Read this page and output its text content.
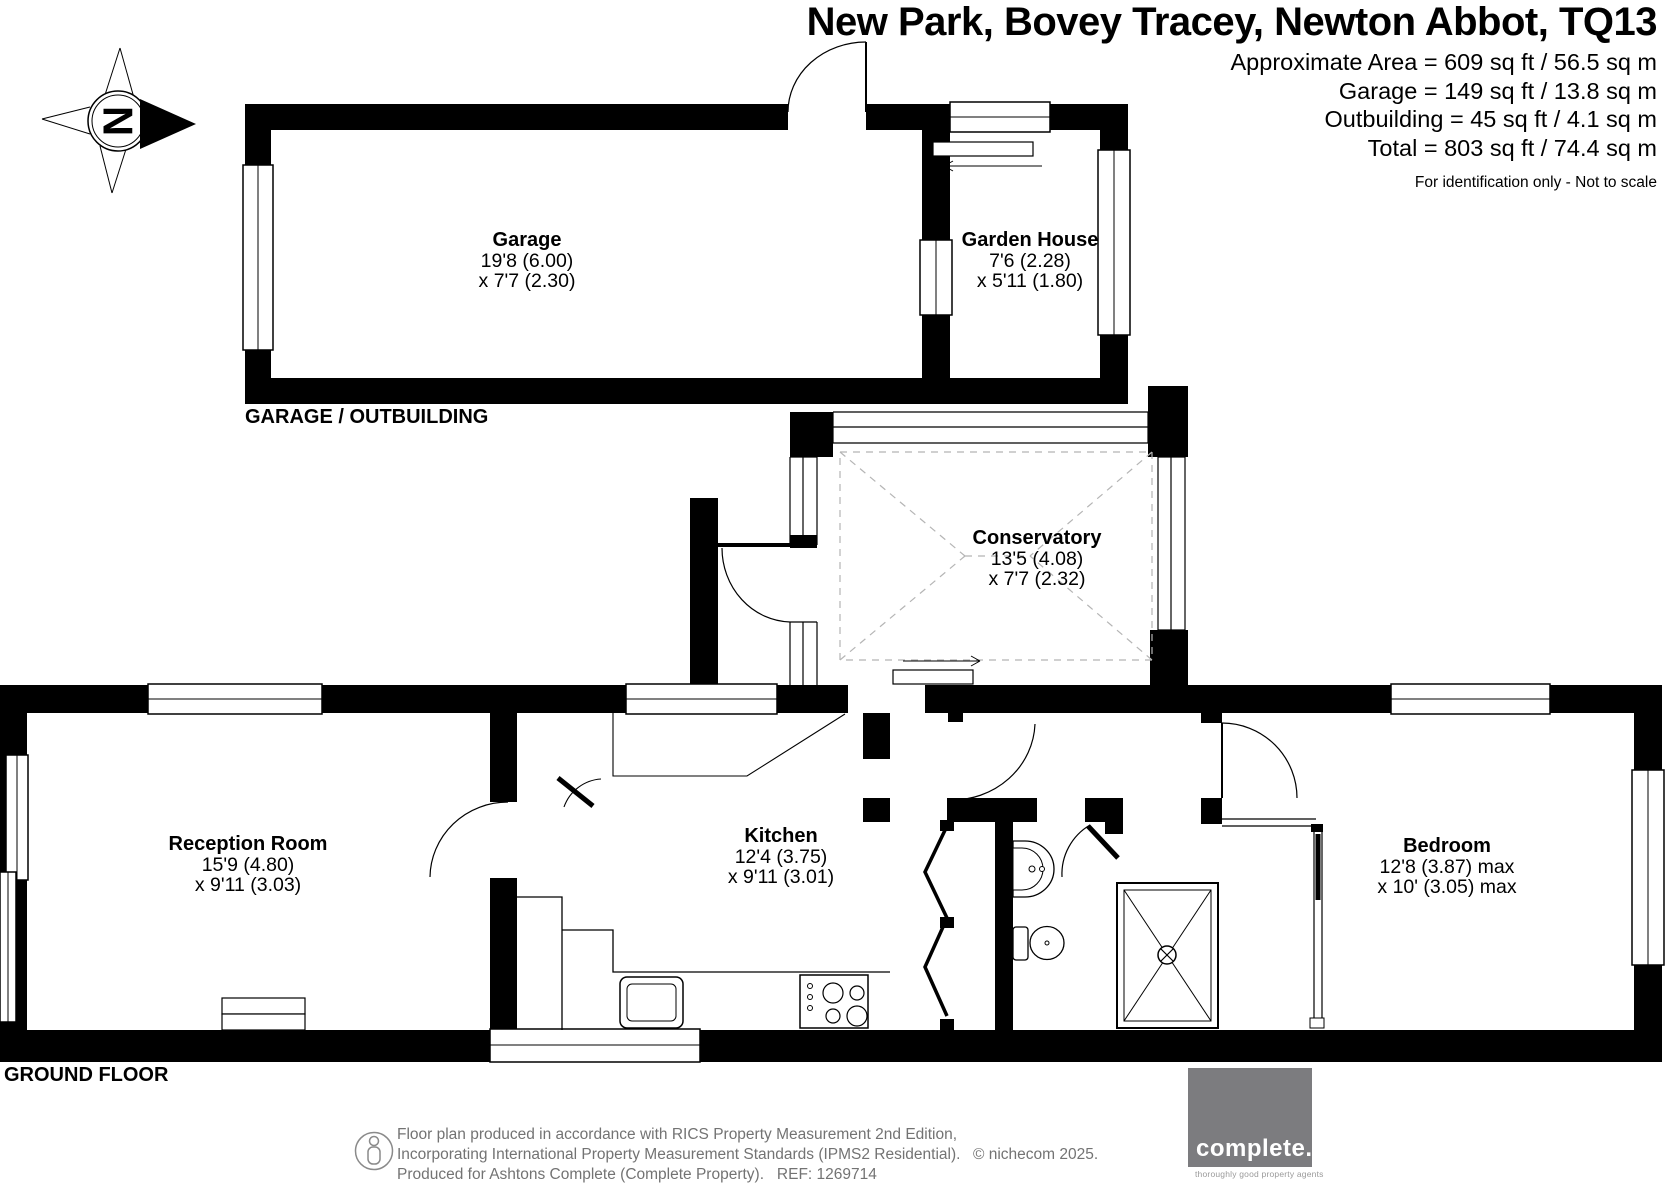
N
New Park, Bovey Tracey, Newton Abbot, TQ13
Approximate Area = 609 sq ft / 56.5 sq m
Garage = 149 sq ft / 13.8 sq m
Outbuilding = 45 sq ft / 4.1 sq m
Total = 803 sq ft / 74.4 sq m
For identification only - Not to scale
Garage
19'8 (6.00)
x 7'7 (2.30)
Garden House
7'6 (2.28)
x 5'11 (1.80)
Conservatory
13'5 (4.08)
x 7'7 (2.32)
Reception Room
15'9 (4.80)
x 9'11 (3.03)
Kitchen
12'4 (3.75)
x 9'11 (3.01)
Bedroom
12'8 (3.87) max
x 10' (3.05) max
GARAGE / OUTBUILDING
GROUND FLOOR
Floor plan produced in accordance with RICS Property Measurement 2nd Edition,
Incorporating International Property Measurement Standards (IPMS2 Residential).
Produced for Ashtons Complete (Complete Property).   REF: 1269714
© nichecom 2025.	complete.
thoroughly good property agents
